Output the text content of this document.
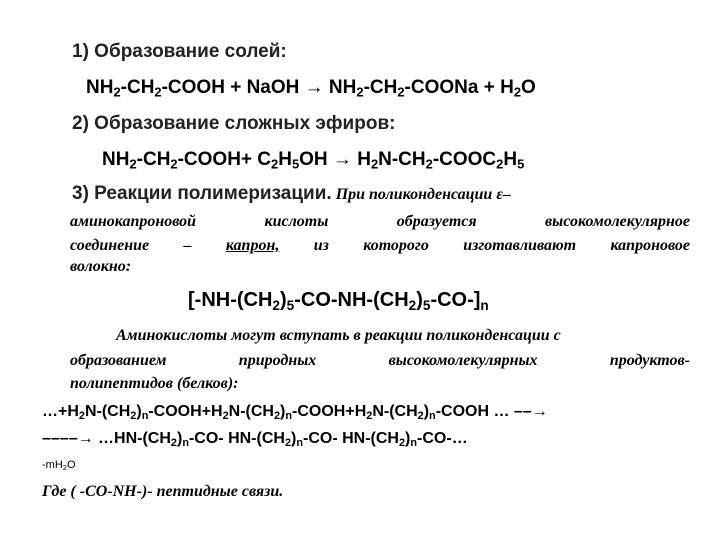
1) Образование солей:
$NH_2-CH_2$-COOH + NaOH → $NH_2-CH_2$-COONa + $H_2O$
2) Образование сложных эфиров:
$NH_2-CH_2-COOH+ C_2H_5OH$ → $H_2N-CH_2-COOC_2H_5$
3) Реакции полимеризации. При поликонденсации ε–
аминокапроновой	кислоты	образуется	высокомолекулярное
соединение – капрон, из которого изготавливают капроновое
волокно:
$[-NH-(CH_2)_5-CO-NH-(CH_2)_5-CO-]_n$
Аминокислоты могут вступать в реакции поликонденсации с
образованием	природных	высокомолекулярных	продуктов-
полипептидов (белков):
$\dots+H_2N-(CH_2)_n-COOH+H_2N-(CH_2)_n-COOH+H_2N-(CH_2)_n$-COOH … ––→
––––→ $\dots HN-(CH_2)_n-CO-$ $HN-(CH_2)_n-CO-$ $HN-(CH_2)_n-CO-\dots$
$-mH_2O$
Где ( -CO-NH-)- пептидные связи.
